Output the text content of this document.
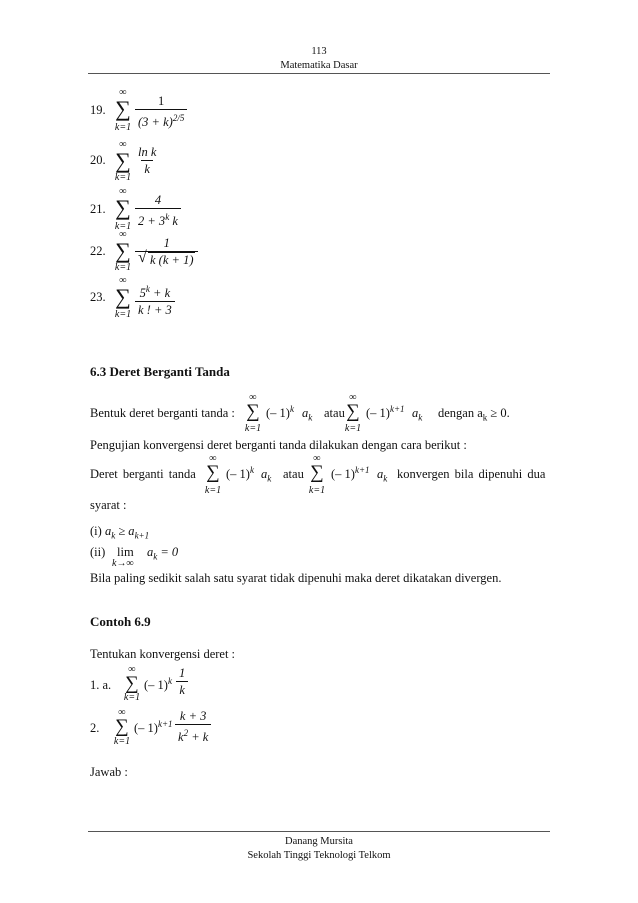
113
Matematika Dasar
19.
∞
∑
$k=1 \frac{1}{(3 + k)^{2/5}}$
20.
∞
∑
k=1
$\frac{\text{ln k}}{k}$
21.
∞
∑
$k=1 \frac{4}{2 + 3^k k}$
22.
∞
∑
k=1
$\frac{1}{√ k (k + 1)}$
23.
∞
∑
$k=1 \frac{5^k + k}{k ! + 3}$
6.3 Deret Berganti Tanda
Bentuk deret berganti tanda :
∞
∑
k=1
(– 1)$^k$ $a_k$ atau
∞
∑
k=1
(– 1)$^{k+1}$ $a_k$ dengan $a_k \ge 0$.
Pengujian konvergensi deret berganti tanda dilakukan dengan cara berikut :
Deret berganti tanda
∞
∑
k=1
(– 1)$^k$ $a_k$ atau
∞
∑
k=1
(– 1)$^{k+1}$ $a_k$ konvergen bila dipenuhi dua
syarat :
(i) $a_k \ge a_{k+1}$
(ii) lim
k→∞
$a_k = 0$
Bila paling sedikit salah satu syarat tidak dipenuhi maka deret dikatakan divergen.
Contoh 6.9
Tentukan konvergensi deret :
1. a.
∞
∑
k=1
(– $1)^k \frac{1}{k}$
2.
∞
∑
k=1
(– $1)^{k+1} \frac{k + 3}{k^2 + k}$
Jawab :
Danang Mursita
Sekolah Tinggi Teknologi Telkom
